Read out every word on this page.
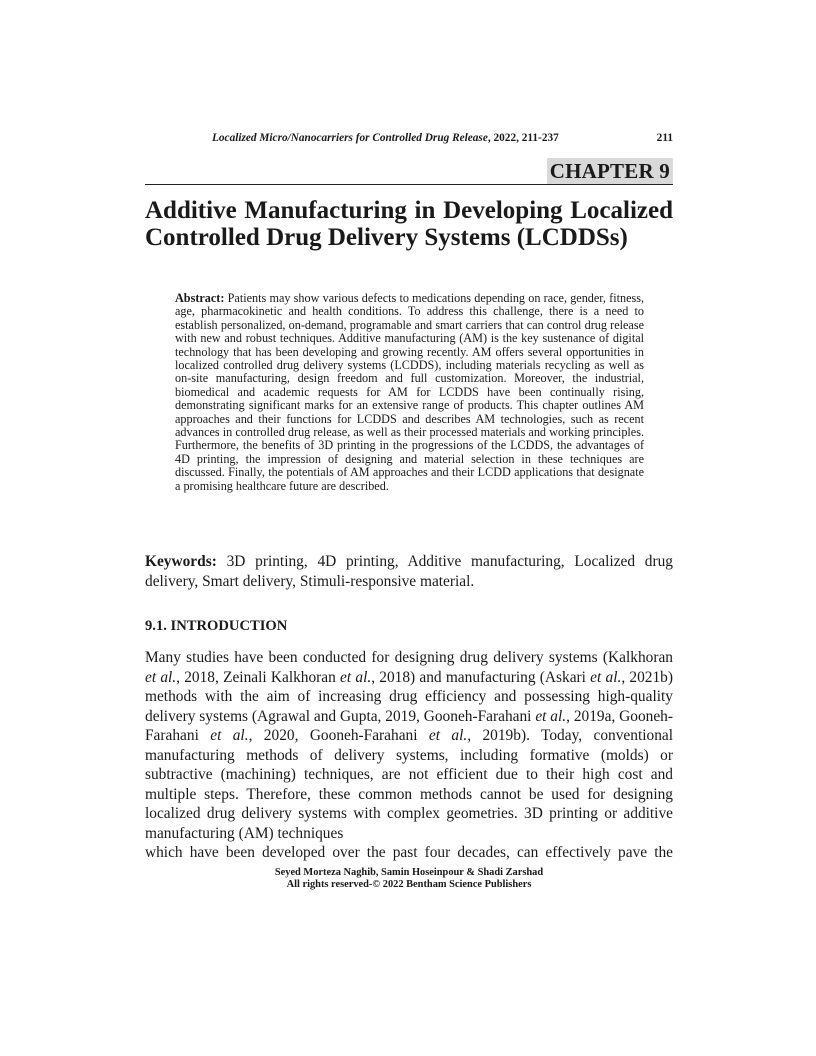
Localized Micro/Nanocarriers for Controlled Drug Release, 2022, 211-237	211
CHAPTER 9
Additive Manufacturing in Developing Localized
Controlled Drug Delivery Systems (LCDDSs)

Abstract: Patients may show various defects to medications depending on race, gender, fitness, age, pharmacokinetic and health conditions. To address this challenge, there is a need to establish personalized, on-demand, programable and smart carriers that can control drug release with new and robust techniques. Additive manufacturing (AM) is the key sustenance of digital technology that has been developing and growing recently. AM offers several opportunities in localized controlled drug delivery systems (LCDDS), including materials recycling as well as on-site manufacturing, design freedom and full customization. Moreover, the industrial, biomedical and academic requests for AM for LCDDS have been continually rising, demonstrating significant marks for an extensive range of products. This chapter outlines AM approaches and their functions for LCDDS and describes AM technologies, such as recent advances in controlled drug release, as well as their processed materials and working principles. Furthermore, the benefits of 3D printing in the progressions of the LCDDS, the advantages of 4D printing, the impression of designing and material selection in these techniques are discussed. Finally, the potentials of AM approaches and their LCDD applications that designate a promising healthcare future are described.

Keywords: 3D printing, 4D printing, Additive manufacturing, Localized drug delivery, Smart delivery, Stimuli-responsive material.

9.1. INTRODUCTION

Many studies have been conducted for designing drug delivery systems (Kalkhoran et al., 2018, Zeinali Kalkhoran et al., 2018) and manufacturing (Askari et al., 2021b) methods with the aim of increasing drug efficiency and possessing high-quality delivery systems (Agrawal and Gupta, 2019, Gooneh-Farahani et al., 2019a, Gooneh-Farahani et al., 2020, Gooneh-Farahani et al., 2019b). Today, conventional manufacturing methods of delivery systems, including formative (molds) or subtractive (machining) techniques, are not efficient due to their high cost and multiple steps. Therefore, these common methods cannot be used for designing localized drug delivery systems with complex geometries. 3D printing or additive manufacturing (AM) techniques
which have been developed over the past four decades, can effectively pave the

Seyed Morteza Naghib, Samin Hoseinpour & Shadi Zarshad
All rights reserved-© 2022 Bentham Science Publishers
